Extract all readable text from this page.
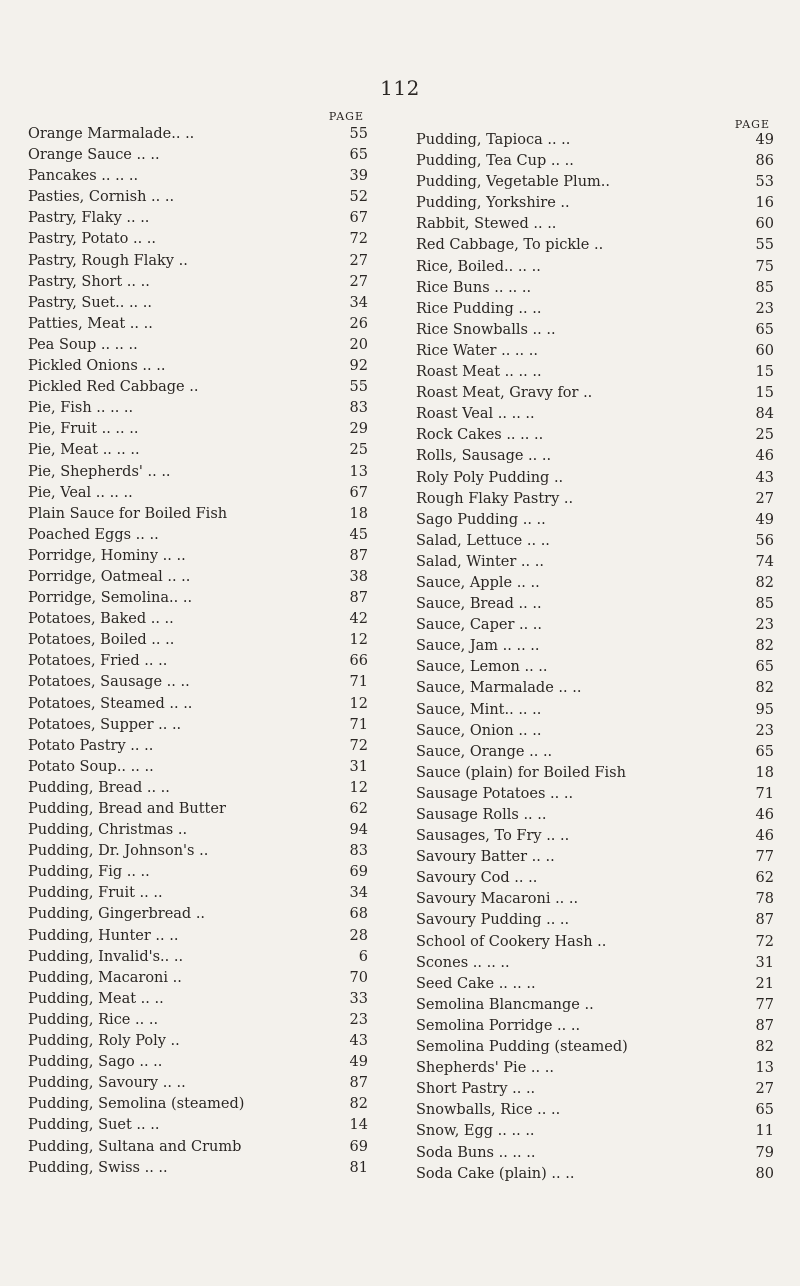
112
PAGE
Orange Marmalade.. ..	55
Orange Sauce .. ..	65
Pancakes .. .. ..	39
Pasties, Cornish .. ..	52
Pastry, Flaky .. ..	67
Pastry, Potato .. ..	72
Pastry, Rough Flaky ..	27
Pastry, Short .. ..	27
Pastry, Suet.. .. ..	34
Patties, Meat .. ..	26
Pea Soup .. .. ..	20
Pickled Onions .. ..	92
Pickled Red Cabbage ..	55
Pie, Fish .. .. ..	83
Pie, Fruit .. .. ..	29
Pie, Meat .. .. ..	25
Pie, Shepherds' .. ..	13
Pie, Veal .. .. ..	67
Plain Sauce for Boiled Fish	18
Poached Eggs .. ..	45
Porridge, Hominy .. ..	87
Porridge, Oatmeal .. ..	38
Porridge, Semolina.. ..	87
Potatoes, Baked .. ..	42
Potatoes, Boiled .. ..	12
Potatoes, Fried .. ..	66
Potatoes, Sausage .. ..	71
Potatoes, Steamed .. ..	12
Potatoes, Supper .. ..	71
Potato Pastry .. ..	72
Potato Soup.. .. ..	31
Pudding, Bread .. ..	12
Pudding, Bread and Butter	62
Pudding, Christmas ..	94
Pudding, Dr. Johnson's ..	83
Pudding, Fig .. ..	69
Pudding, Fruit .. ..	34
Pudding, Gingerbread ..	68
Pudding, Hunter .. ..	28
Pudding, Invalid's.. ..	6
Pudding, Macaroni ..	70
Pudding, Meat .. ..	33
Pudding, Rice .. ..	23
Pudding, Roly Poly ..	43
Pudding, Sago .. ..	49
Pudding, Savoury .. ..	87
Pudding, Semolina (steamed)	82
Pudding, Suet .. ..	14
Pudding, Sultana and Crumb	69
Pudding, Swiss .. ..	81
PAGE
Pudding, Tapioca .. ..	49
Pudding, Tea Cup .. ..	86
Pudding, Vegetable Plum..	53
Pudding, Yorkshire ..	16
Rabbit, Stewed .. ..	60
Red Cabbage, To pickle ..	55
Rice, Boiled.. .. ..	75
Rice Buns .. .. ..	85
Rice Pudding .. ..	23
Rice Snowballs .. ..	65
Rice Water .. .. ..	60
Roast Meat .. .. ..	15
Roast Meat, Gravy for ..	15
Roast Veal .. .. ..	84
Rock Cakes .. .. ..	25
Rolls, Sausage .. ..	46
Roly Poly Pudding ..	43
Rough Flaky Pastry ..	27
Sago Pudding .. ..	49
Salad, Lettuce .. ..	56
Salad, Winter .. ..	74
Sauce, Apple .. ..	82
Sauce, Bread .. ..	85
Sauce, Caper .. ..	23
Sauce, Jam .. .. ..	82
Sauce, Lemon .. ..	65
Sauce, Marmalade .. ..	82
Sauce, Mint.. .. ..	95
Sauce, Onion .. ..	23
Sauce, Orange .. ..	65
Sauce (plain) for Boiled Fish	18
Sausage Potatoes .. ..	71
Sausage Rolls .. ..	46
Sausages, To Fry .. ..	46
Savoury Batter .. ..	77
Savoury Cod .. ..	62
Savoury Macaroni .. ..	78
Savoury Pudding .. ..	87
School of Cookery Hash ..	72
Scones .. .. ..	31
Seed Cake .. .. ..	21
Semolina Blancmange ..	77
Semolina Porridge .. ..	87
Semolina Pudding (steamed)	82
Shepherds' Pie .. ..	13
Short Pastry .. ..	27
Snowballs, Rice .. ..	65
Snow, Egg .. .. ..	11
Soda Buns .. .. ..	79
Soda Cake (plain) .. ..	80
